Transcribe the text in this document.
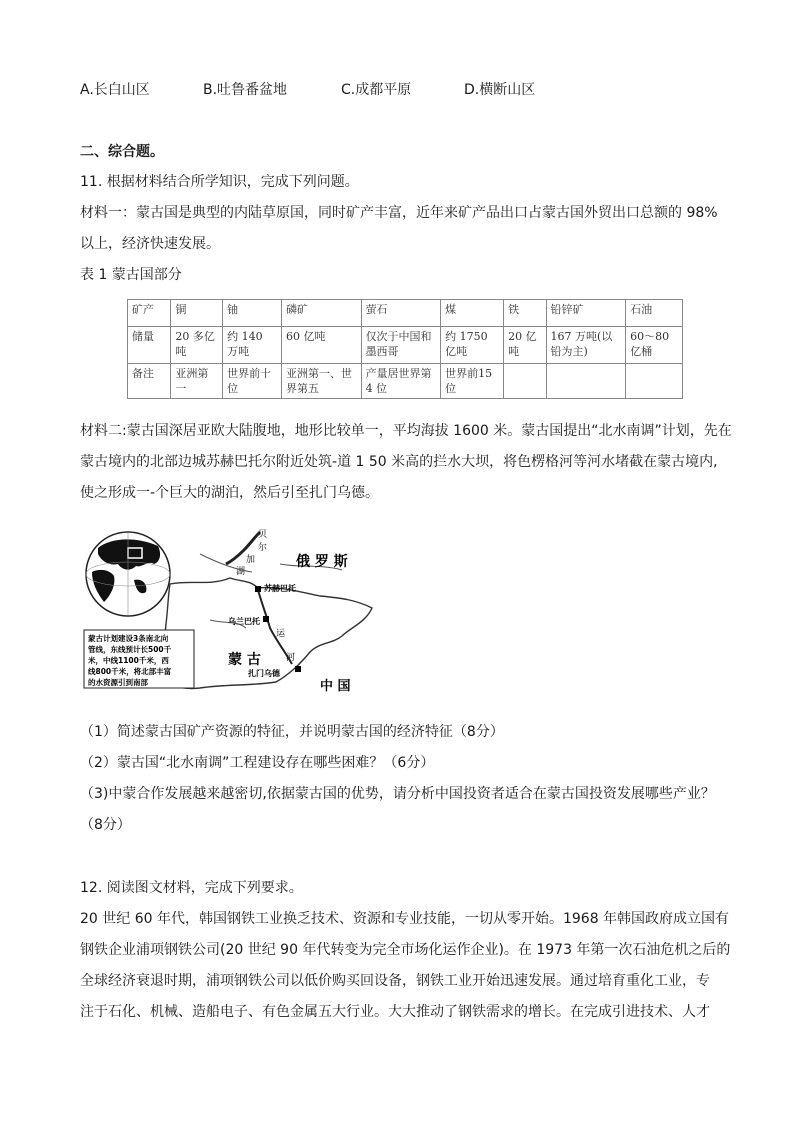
A.长白山区	B.吐鲁番盆地	C.成都平原	D.横断山区
二、综合题。
11. 根据材料结合所学知识，完成下列问题。
材料一：蒙古国是典型的内陆草原国，同时矿产丰富，近年来矿产品出口占蒙古国外贸出口总额的 98%
以上，经济快速发展。
表 1 蒙古国部分
矿产	铜	铀	磷矿	萤石	煤	铁	铅锌矿	石油
储量	20 多亿吨	约 140 万吨	60 亿吨	仅次于中国和墨西哥	约 1750 亿吨	20 亿吨	167 万吨(以铅为主)	60～80亿桶
备注	亚洲第一	世界前十位	亚洲第一、世界第五	产量居世界第 4 位	世界前15位			
材料二:蒙古国深居亚欧大陆腹地，地形比较单一，平均海拔 1600 米。蒙古国提出“北水南调”计划，先在
蒙古境内的北部边城苏赫巴托尔附近处筑-道 1 50 米高的拦水大坝，将色楞格河等河水堵截在蒙古境内,
使之形成一-个巨大的湖泊，然后引至扎门乌德。
贝
尔
加
湖
苏赫巴托
乌兰巴托
扎门乌德
运
河
俄 罗 斯
蒙 古
中 国
蒙古计划建设3条南北向
管线，东线预计长500千
米，中线1100千米，西
线800千米，将北部丰富
的水资源引到南部
（1）简述蒙古国矿产资源的特征，并说明蒙古国的经济特征（8分）
（2）蒙古国“北水南调”工程建设存在哪些困难？（6分）
（3)中蒙合作发展越来越密切,依据蒙古国的优势，请分析中国投资者适合在蒙古国投资发展哪些产业？
（8分）
12. 阅读图文材料，完成下列要求。
20 世纪 60 年代，韩国钢铁工业换乏技术、资源和专业技能，一切从零开始。1968 年韩国政府成立国有
钢铁企业浦项钢铁公司(20 世纪 90 年代转变为完全市场化运作企业)。在 1973 年第一次石油危机之后的
全球经济衰退时期，浦项钢铁公司以低价购买回设备，钢铁工业开始迅速发展。通过培育重化工业，专
注于石化、机械、造船电子、有色金属五大行业。大大推动了钢铁需求的增长。在完成引进技术、人才
